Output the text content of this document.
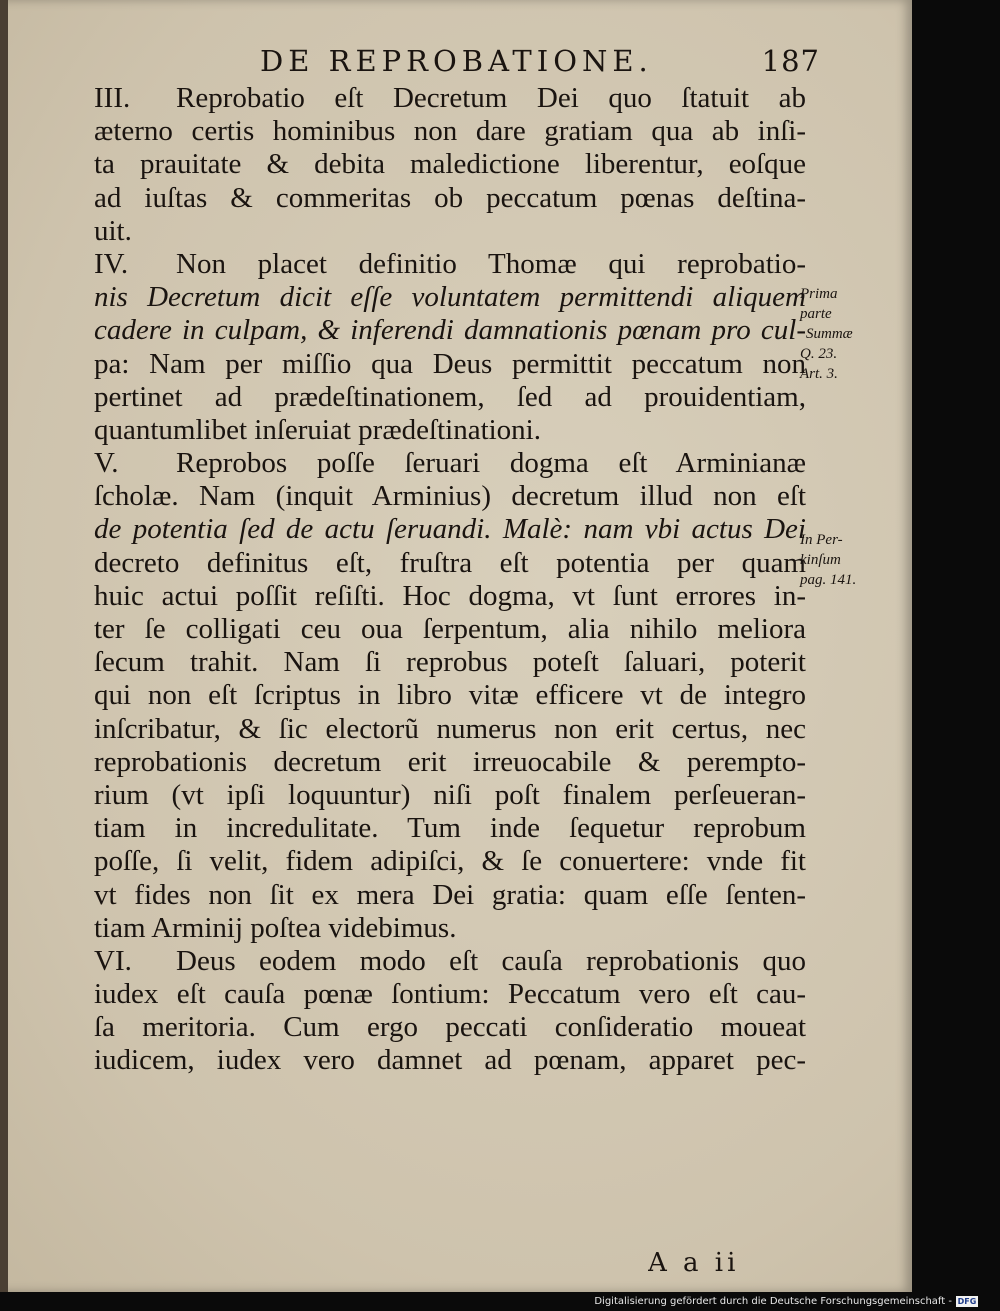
DE REPROBATIONE.	187
III. Reprobatio eſt Decretum Dei quo ſtatuit ab
æterno certis hominibus non dare gratiam qua ab inſi-
ta prauitate & debita maledictione liberentur, eoſque
ad iuſtas & commeritas ob peccatum pœnas deſtina-
uit.
IV. Non placet definitio Thomæ qui reprobatio-
nis Decretum dicit eſſe voluntatem permittendi aliquem
cadere in culpam, & inferendi damnationis pœnam pro cul-
pa: Nam per miſſio qua Deus permittit peccatum non
pertinet ad prædeſtinationem, ſed ad prouidentiam,
quantumlibet inſeruiat prædeſtinationi.
V. Reprobos poſſe ſeruari dogma eſt Arminianæ
ſcholæ. Nam (inquit Arminius) decretum illud non eſt
de potentia ſed de actu ſeruandi. Malè: nam vbi actus Dei
decreto definitus eſt, fruſtra eſt potentia per quam
huic actui poſſit reſiſti. Hoc dogma, vt ſunt errores in-
ter ſe colligati ceu oua ſerpentum, alia nihilo meliora
ſecum trahit. Nam ſi reprobus poteſt ſaluari, poterit
qui non eſt ſcriptus in libro vitæ efficere vt de integro
inſcribatur, & ſic electorũ numerus non erit certus, nec
reprobationis decretum erit irreuocabile & perempto-
rium (vt ipſi loquuntur) niſi poſt finalem perſeueran-
tiam in incredulitate. Tum inde ſequetur reprobum
poſſe, ſi velit, fidem adipiſci, & ſe conuertere: vnde fit
vt fides non ſit ex mera Dei gratia: quam eſſe ſenten-
tiam Arminij poſtea videbimus.
VI. Deus eodem modo eſt cauſa reprobationis quo
iudex eſt cauſa pœnæ ſontium: Peccatum vero eſt cau-
ſa meritoria. Cum ergo peccati conſideratio moueat
iudicem, iudex vero damnet ad pœnam, apparet pec-
Prima
parte
Summæ
Q. 23.
Art. 3.
In Per-
kinſum
pag. 141.
A a ii
Digitalisierung gefördert durch die Deutsche Forschungsgemeinschaft - DFG
